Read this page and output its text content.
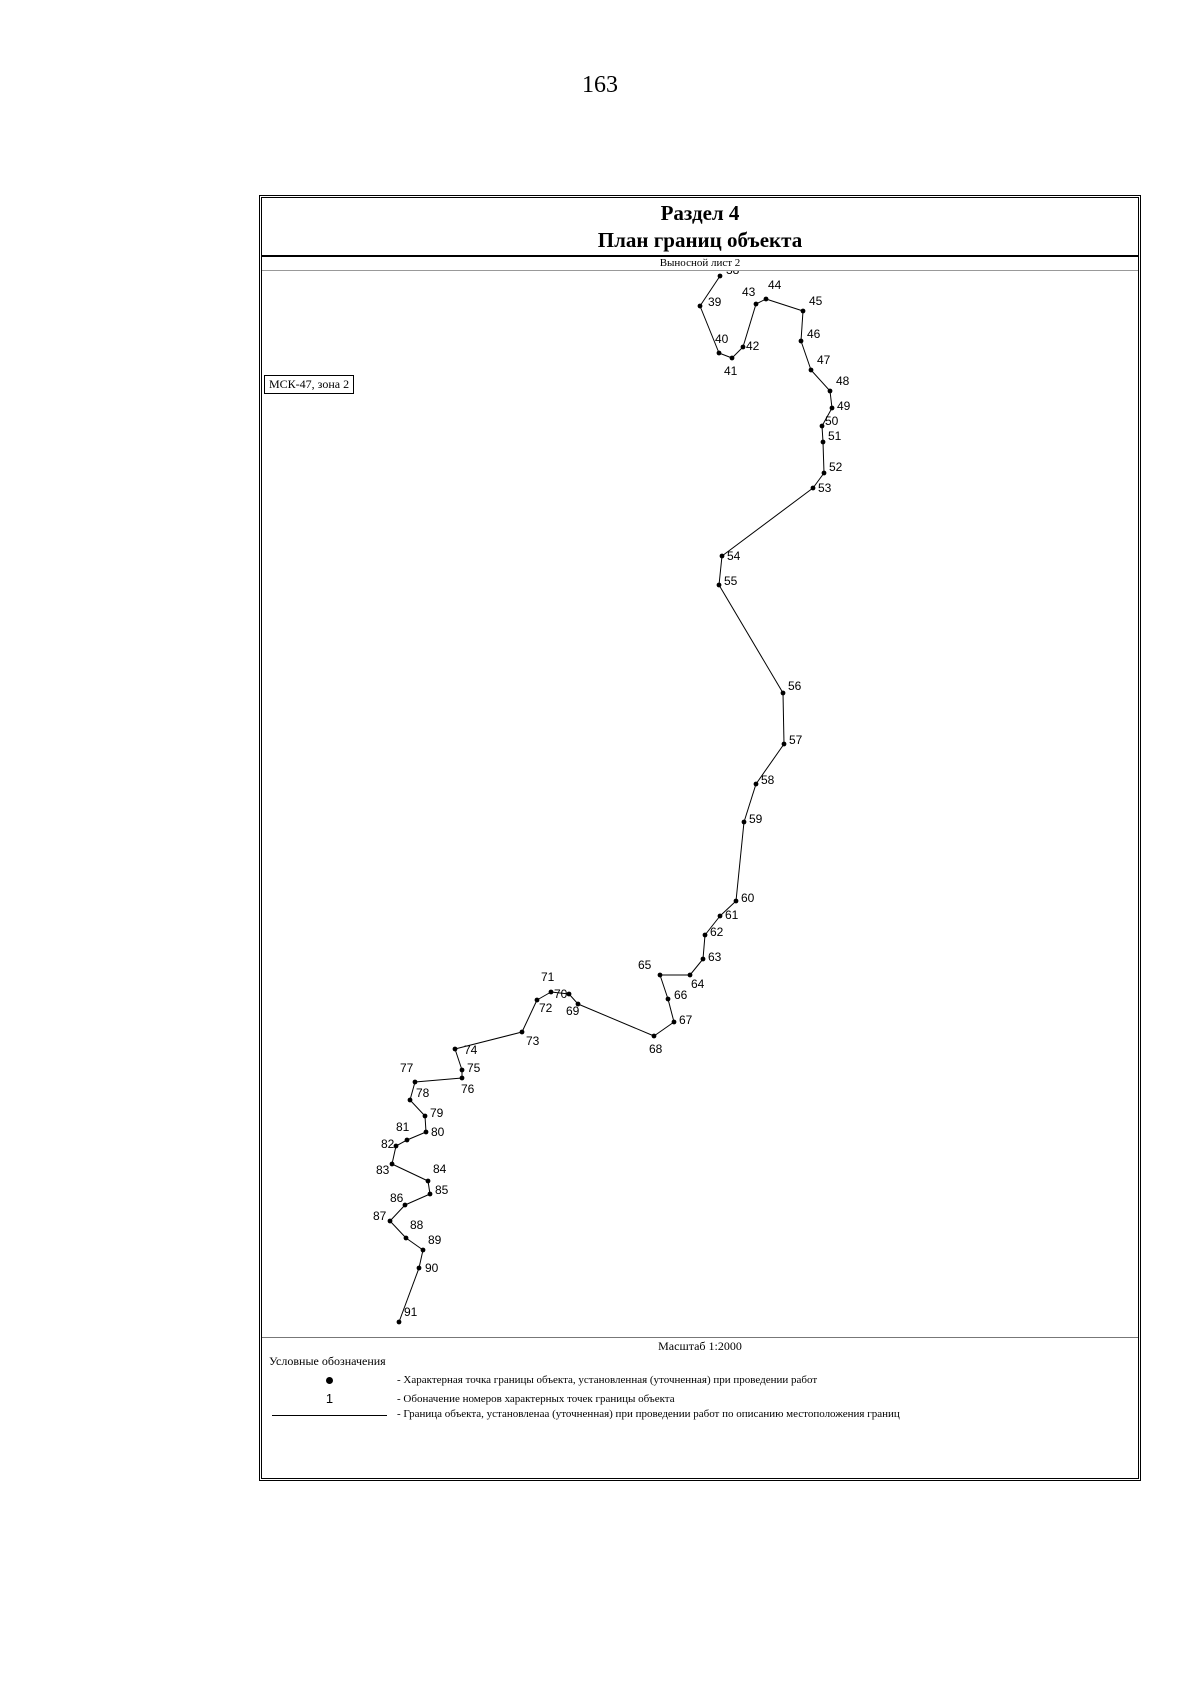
163
Раздел 4
План границ объекта
Выносной лист 2
39
40
41
42
43 44
45
46
47
48
49
50
51
52
53
54
55
56
57
58
59
60
61
62
63
64
65
66
67
68
69
70
71
72
73
74
75
76
77
78
79
80
81
82
83	84
85
86
87
88
89
90
91
МСК-47, зона 2
Масштаб 1:2000
Условные обозначения
- Характерная точка границы объекта, установленная (уточненная) при проведении работ
1	- Обоначение номеров характерных точек границы объекта
- Граница объекта, установленаа (уточненная) при проведении работ по описанию местоположения границ
